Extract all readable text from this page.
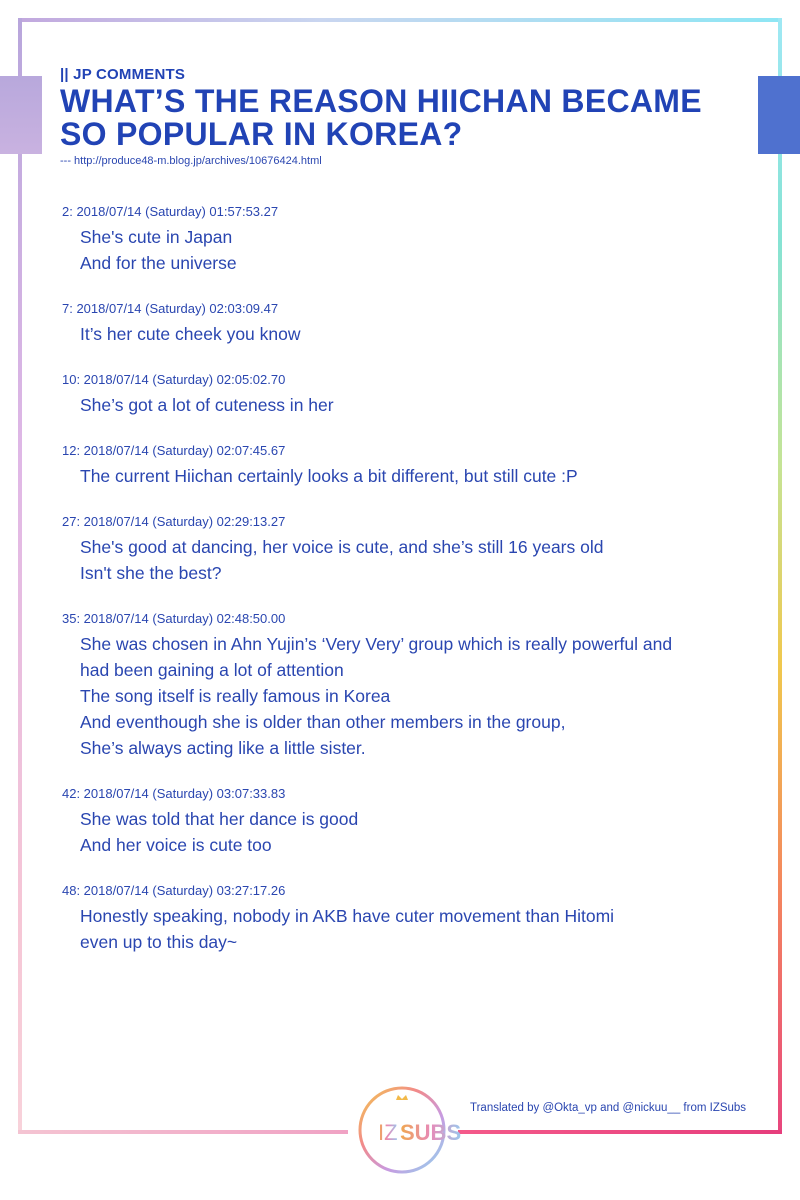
|| JP COMMENTS
WHAT’S THE REASON HIICHAN BECAME
SO POPULAR IN KOREA?
--- http://produce48-m.blog.jp/archives/10676424.html
2: 2018/07/14 (Saturday) 01:57:53.27
She's cute in Japan
And for the universe
7: 2018/07/14 (Saturday) 02:03:09.47
It’s her cute cheek you know
10: 2018/07/14 (Saturday) 02:05:02.70
She’s got a lot of cuteness in her
12: 2018/07/14 (Saturday) 02:07:45.67
The current Hiichan certainly looks a bit different, but still cute :P
27: 2018/07/14 (Saturday) 02:29:13.27
She's good at dancing, her voice is cute, and she’s still 16 years old
Isn't she the best?
35: 2018/07/14 (Saturday) 02:48:50.00
She was chosen in Ahn Yujin’s ‘Very Very’ group which is really powerful and
had been gaining a lot of attention
The song itself is really famous in Korea
And eventhough she is older than other members in the group,
She’s always acting like a little sister.
42: 2018/07/14 (Saturday) 03:07:33.83
She was told that her dance is good
And her voice is cute too
48: 2018/07/14 (Saturday) 03:27:17.26
Honestly speaking, nobody in AKB have cuter movement than Hitomi
even up to this day~
IZ SUBS
Translated by @Okta_vp and @nickuu__ from IZSubs
